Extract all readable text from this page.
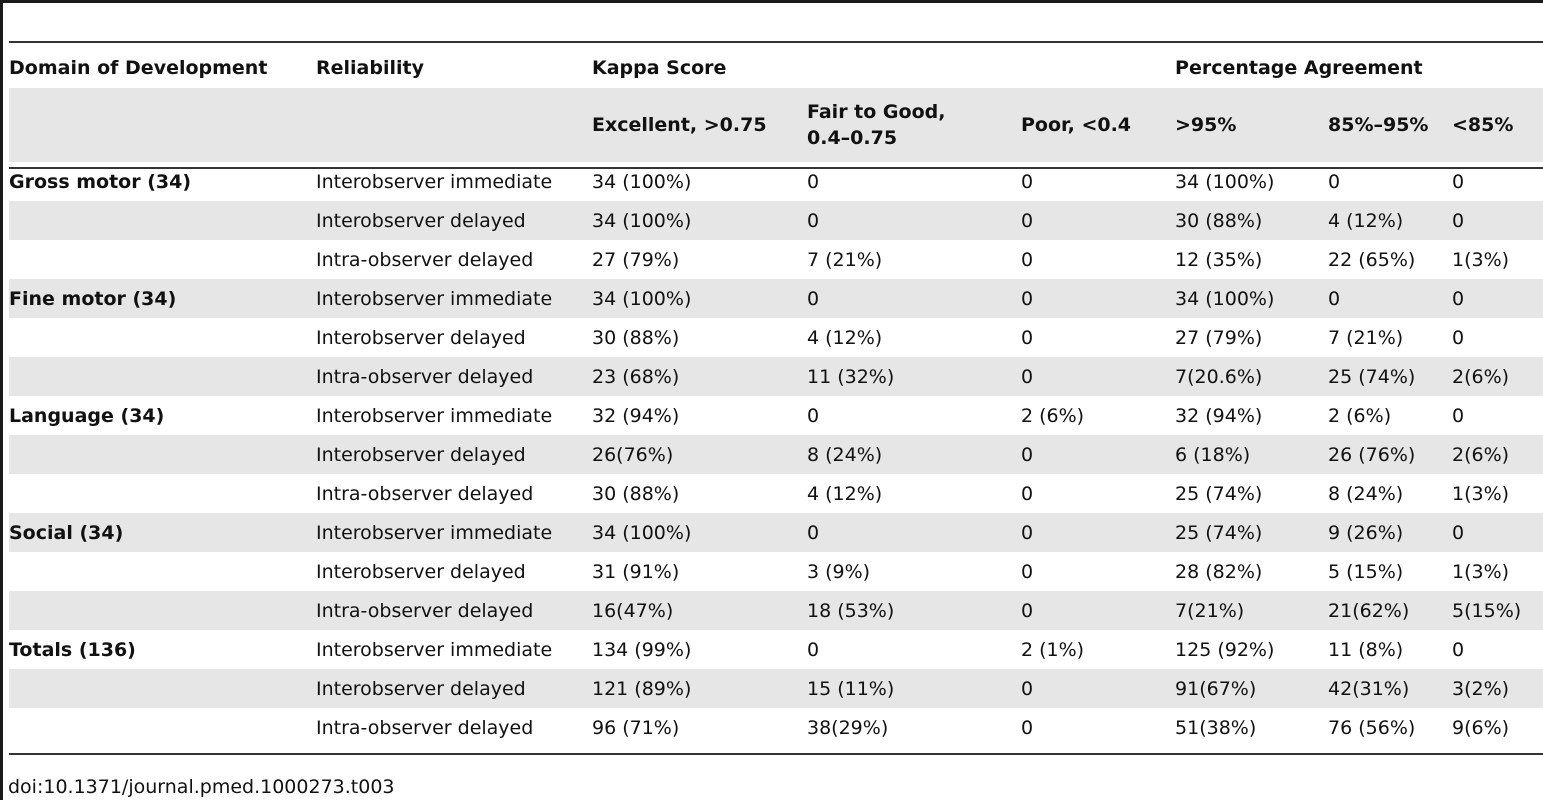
Domain of Development	Reliability	Kappa Score			Percentage Agreement		
		Excellent, >0.75	Fair to Good, 0.4–0.75	Poor, <0.4	>95%	85%–95%	<85%
Gross motor (34)	Interobserver immediate	34 (100%)	0	0	34 (100%)	0	0
	Interobserver delayed	34 (100%)	0	0	30 (88%)	4 (12%)	0
	Intra-observer delayed	27 (79%)	7 (21%)	0	12 (35%)	22 (65%)	1(3%)
Fine motor (34)	Interobserver immediate	34 (100%)	0	0	34 (100%)	0	0
	Interobserver delayed	30 (88%)	4 (12%)	0	27 (79%)	7 (21%)	0
	Intra-observer delayed	23 (68%)	11 (32%)	0	7(20.6%)	25 (74%)	2(6%)
Language (34)	Interobserver immediate	32 (94%)	0	2 (6%)	32 (94%)	2 (6%)	0
	Interobserver delayed	26(76%)	8 (24%)	0	6 (18%)	26 (76%)	2(6%)
	Intra-observer delayed	30 (88%)	4 (12%)	0	25 (74%)	8 (24%)	1(3%)
Social (34)	Interobserver immediate	34 (100%)	0	0	25 (74%)	9 (26%)	0
	Interobserver delayed	31 (91%)	3 (9%)	0	28 (82%)	5 (15%)	1(3%)
	Intra-observer delayed	16(47%)	18 (53%)	0	7(21%)	21(62%)	5(15%)
Totals (136)	Interobserver immediate	134 (99%)	0	2 (1%)	125 (92%)	11 (8%)	0
	Interobserver delayed	121 (89%)	15 (11%)	0	91(67%)	42(31%)	3(2%)
	Intra-observer delayed	96 (71%)	38(29%)	0	51(38%)	76 (56%)	9(6%)
doi:10.1371/journal.pmed.1000273.t003
